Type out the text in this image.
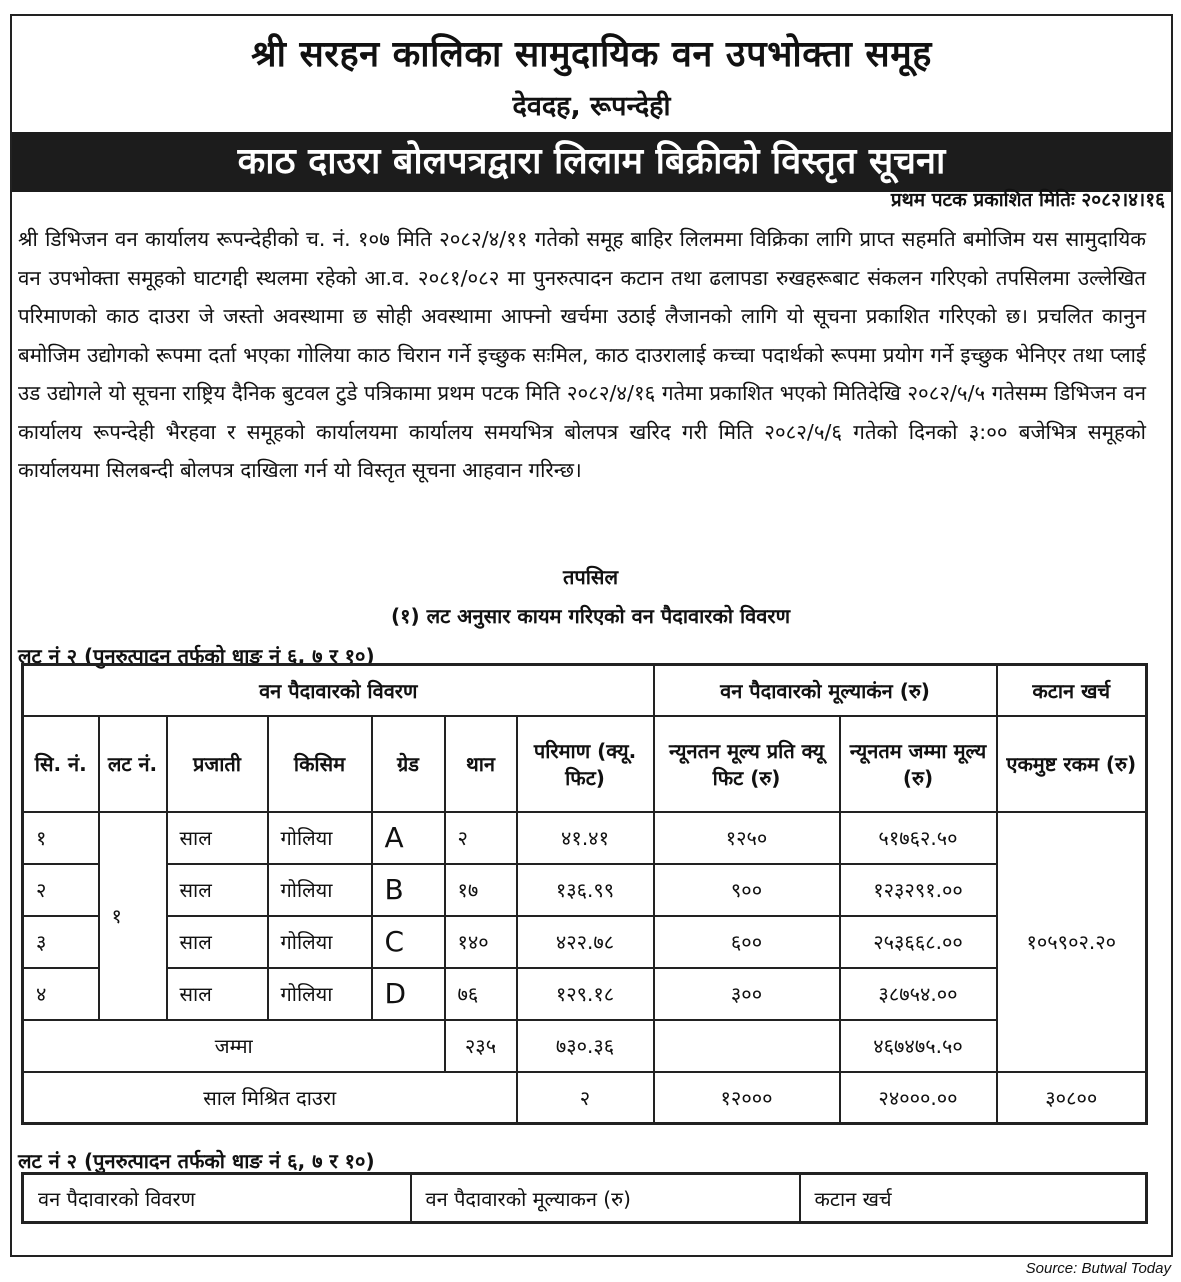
श्री सरहन कालिका सामुदायिक वन उपभोक्ता समूह
देवदह, रूपन्देही
काठ दाउरा बोलपत्रद्वारा लिलाम बिक्रीको विस्तृत सूचना
प्रथम पटक प्रकाशित मितिः २०८२।४।१६
श्री डिभिजन वन कार्यालय रूपन्देहीको च. नं. १०७ मिति २०८२/४/११ गतेको समूह बाहिर लिलममा विक्रिका लागि प्राप्त सहमति बमोजिम यस सामुदायिक वन उपभोक्ता समूहको घाटगद्दी स्थलमा रहेको आ.व. २०८१/०८२ मा पुनरुत्पादन कटान तथा ढलापडा रुखहरूबाट संकलन गरिएको तपसिलमा उल्लेखित परिमाणको काठ दाउरा जे जस्तो अवस्थामा छ सोही अवस्थामा आफ्नो खर्चमा उठाई लैजानको लागि यो सूचना प्रकाशित गरिएको छ। प्रचलित कानुन बमोजिम उद्योगको रूपमा दर्ता भएका गोलिया काठ चिरान गर्ने इच्छुक सःमिल, काठ दाउरालाई कच्चा पदार्थको रूपमा प्रयोग गर्ने इच्छुक भेनिएर तथा प्लाई उड उद्योगले यो सूचना राष्ट्रिय दैनिक बुटवल टुडे पत्रिकामा प्रथम पटक मिति २०८२/४/१६ गतेमा प्रकाशित भएको मितिदेखि २०८२/५/५ गतेसम्म डिभिजन वन कार्यालय रूपन्देही भैरहवा र समूहको कार्यालयमा कार्यालय समयभित्र बोलपत्र खरिद गरी मिति २०८२/५/६ गतेको दिनको ३:०० बजेभित्र समूहको कार्यालयमा सिलबन्दी बोलपत्र दाखिला गर्न यो विस्तृत सूचना आहवान गरिन्छ।
तपसिल
(१) लट अनुसार कायम गरिएको वन पैदावारको विवरण
लट नं २ (पुनरुत्पादन तर्फको धाङ नं ६, ७ र १०)
वन पैदावारको विवरण							वन पैदावारको मूल्याकंन (रु)		कटान खर्च
सि. नं.	लट नं.	प्रजाती	किसिम	ग्रेड	थान	परिमाण (क्यू. फिट)	न्यूनतन मूल्य प्रति क्यू फिट (रु)	न्यूनतम जम्मा मूल्य (रु)	एकमुष्ट रकम (रु)
१	१	साल	गोलिया	A	२	४१.४१	१२५०	५१७६२.५०	१०५९०२.२०
२		साल	गोलिया	B	१७	१३६.९९	९००	१२३२९१.००	
३		साल	गोलिया	C	१४०	४२२.७८	६००	२५३६६८.००	
४		साल	गोलिया	D	७६	१२९.१८	३००	३८७५४.००	
जम्मा					२३५	७३०.३६		४६७४७५.५०	
साल मिश्रित दाउरा						२	१२०००	२४०००.००	३०८००
लट नं २ (पुनरुत्पादन तर्फको धाङ नं ६, ७ र १०)
वन पैदावारको विवरण	वन पैदावारको मूल्याकन (रु)	कटान खर्च
Source: Butwal Today
